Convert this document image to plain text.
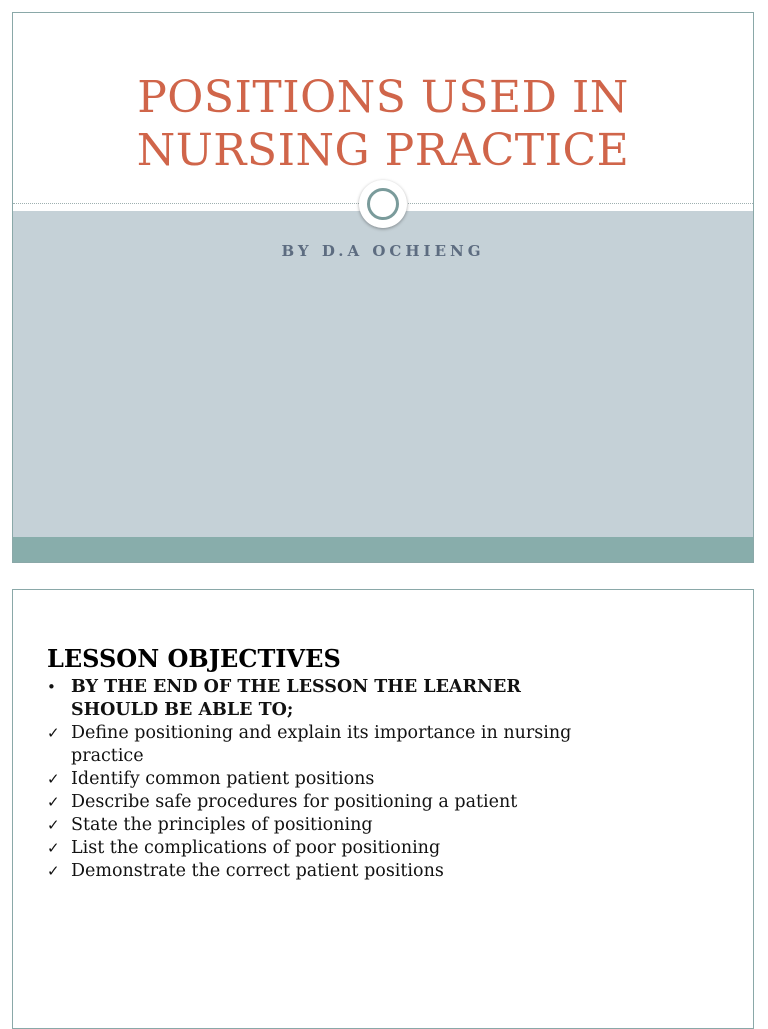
POSITIONS USED IN
NURSING PRACTICE
BY D.A OCHIENG
LESSON OBJECTIVES
• BY THE END OF THE LESSON THE LEARNER SHOULD BE ABLE TO;
✓ Define positioning and explain its importance in nursing practice
✓ Identify common patient positions
✓ Describe safe procedures for positioning a patient
✓ State the principles of positioning
✓ List the complications of poor positioning
✓ Demonstrate the correct patient positions
